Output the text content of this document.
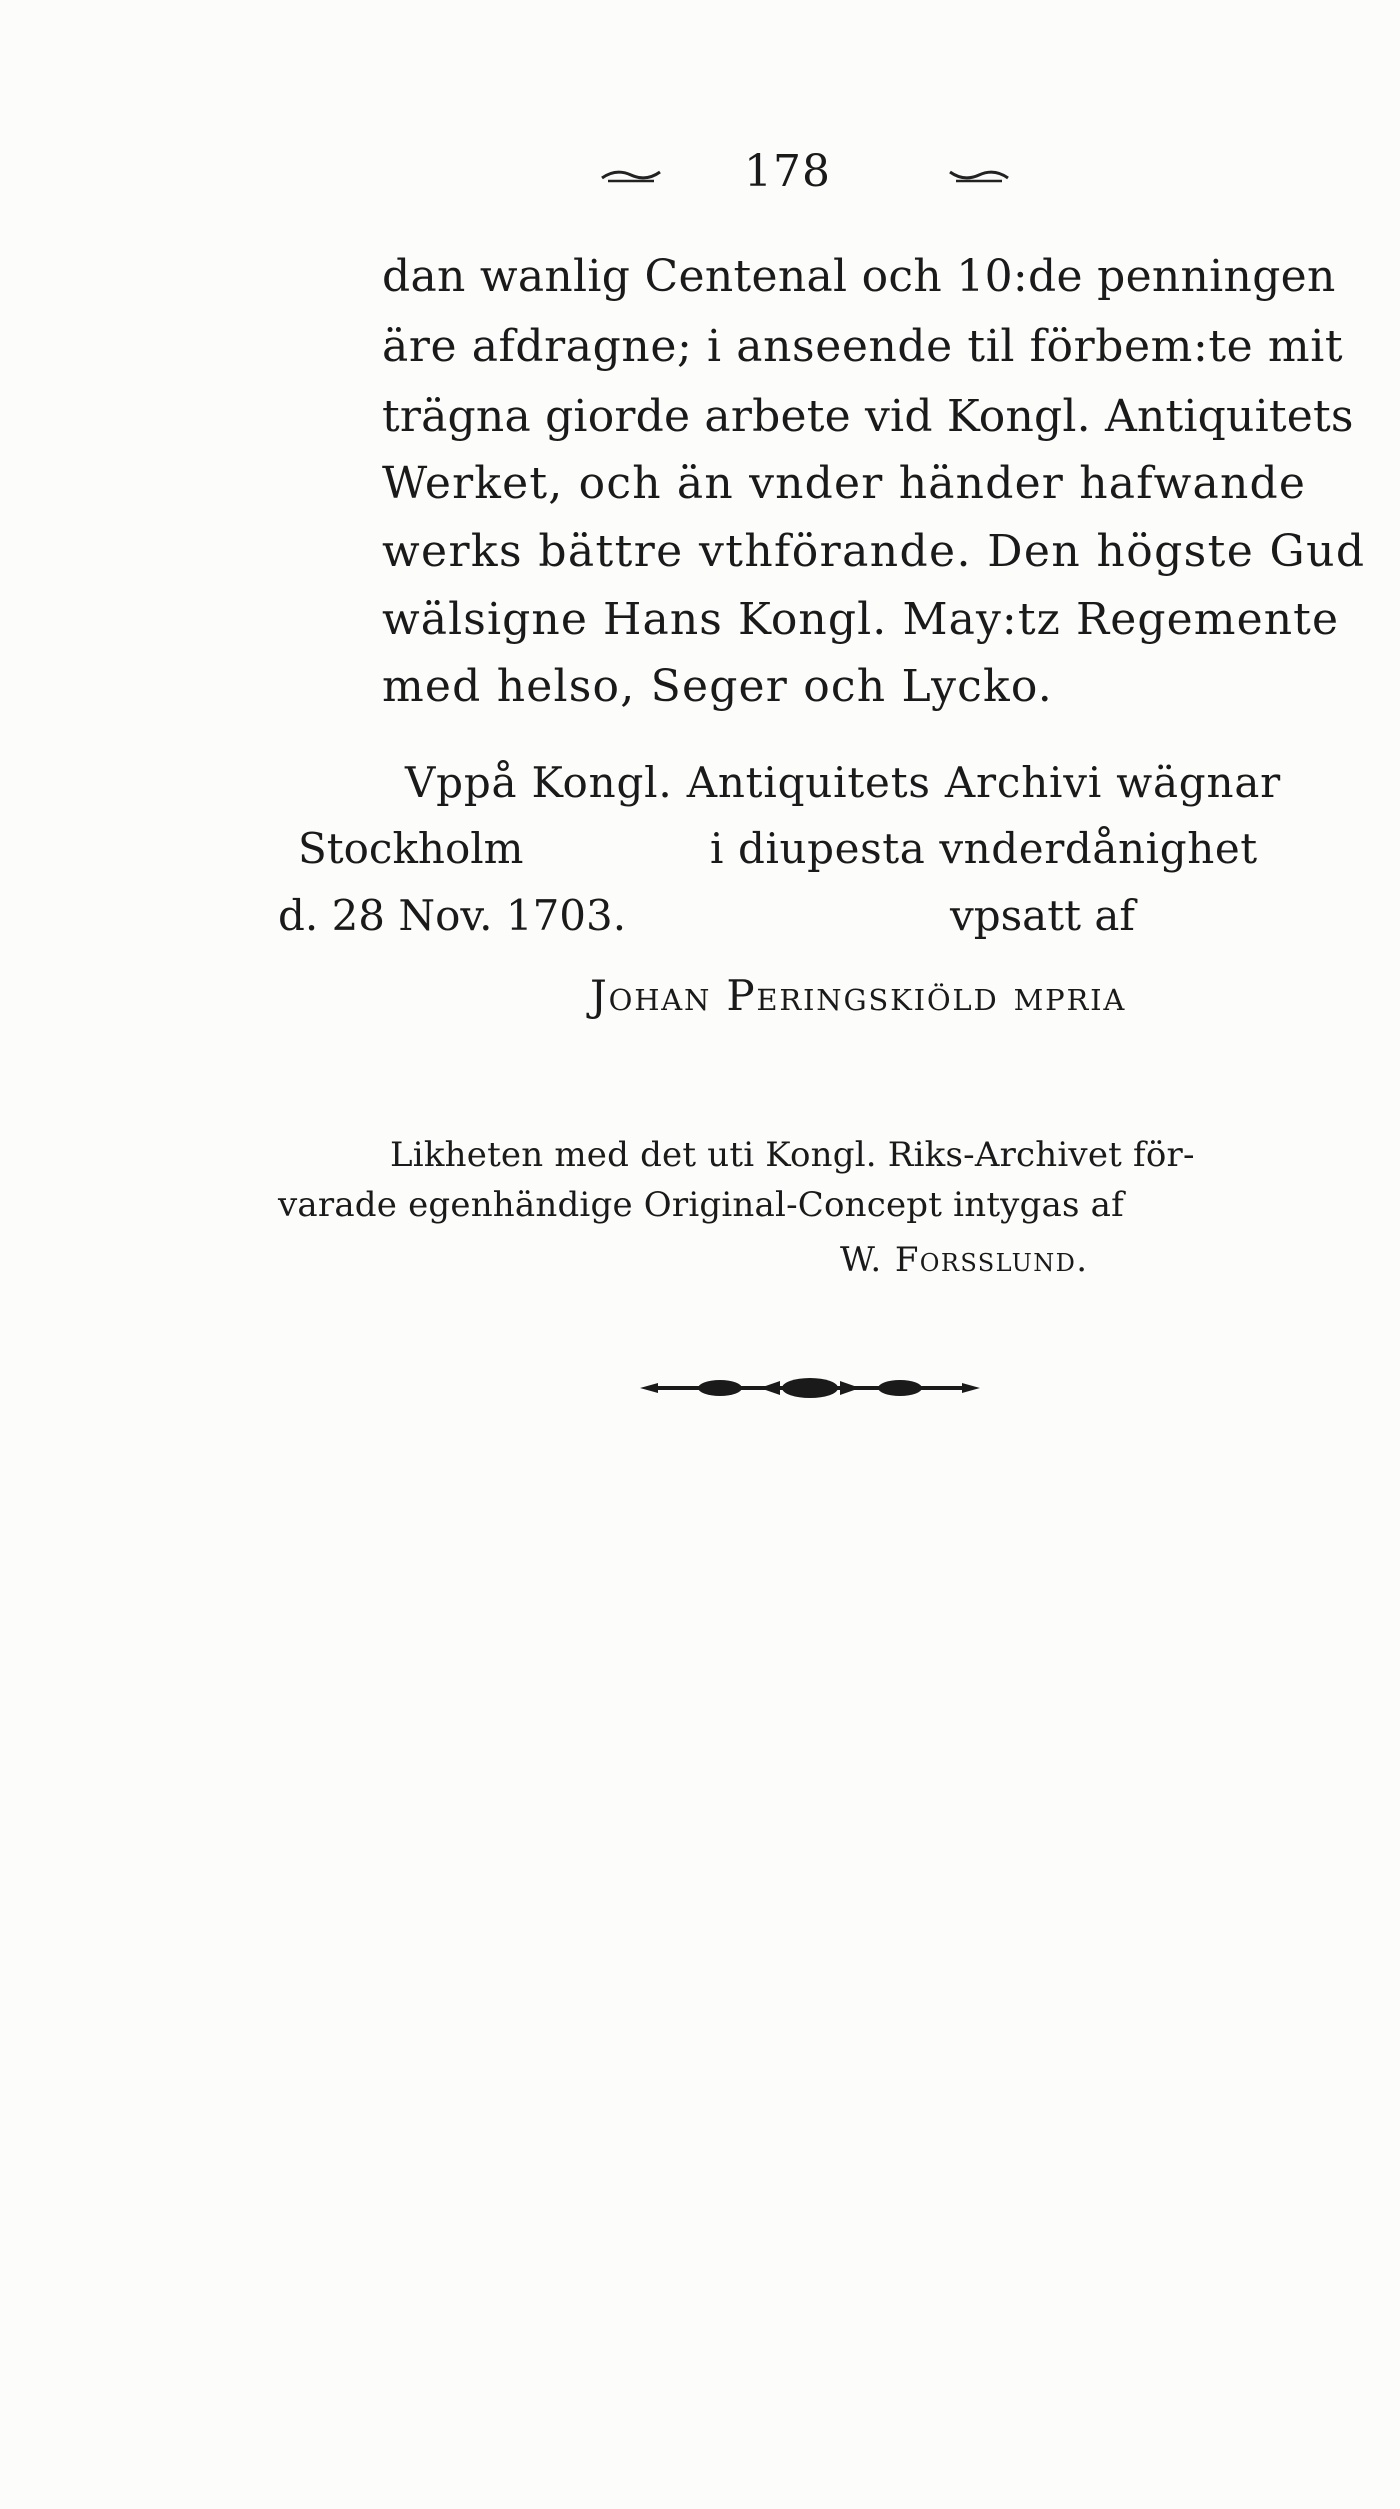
178

dan wanlig Centenal och 10:de penningen

äre afdragne; i anseende til förbem:te mit

trägna giorde arbete vid Kongl. Antiquitets

Werket, och än vnder händer hafwande

werks bättre vthförande. Den högste Gud

wälsigne Hans Kongl. May:tz Regemente

med helso, Seger och Lycko.

Vppå Kongl. Antiquitets Archivi wägnar

Stockholm	i diupesta vnderdånighet

d. 28 Nov. 1703.	vpsatt af

Johan Peringskiöld mpria

Likheten med det uti Kongl. Riks-Archivet för-

varade egenhändige Original-Concept intygas af

W. Forsslund.
